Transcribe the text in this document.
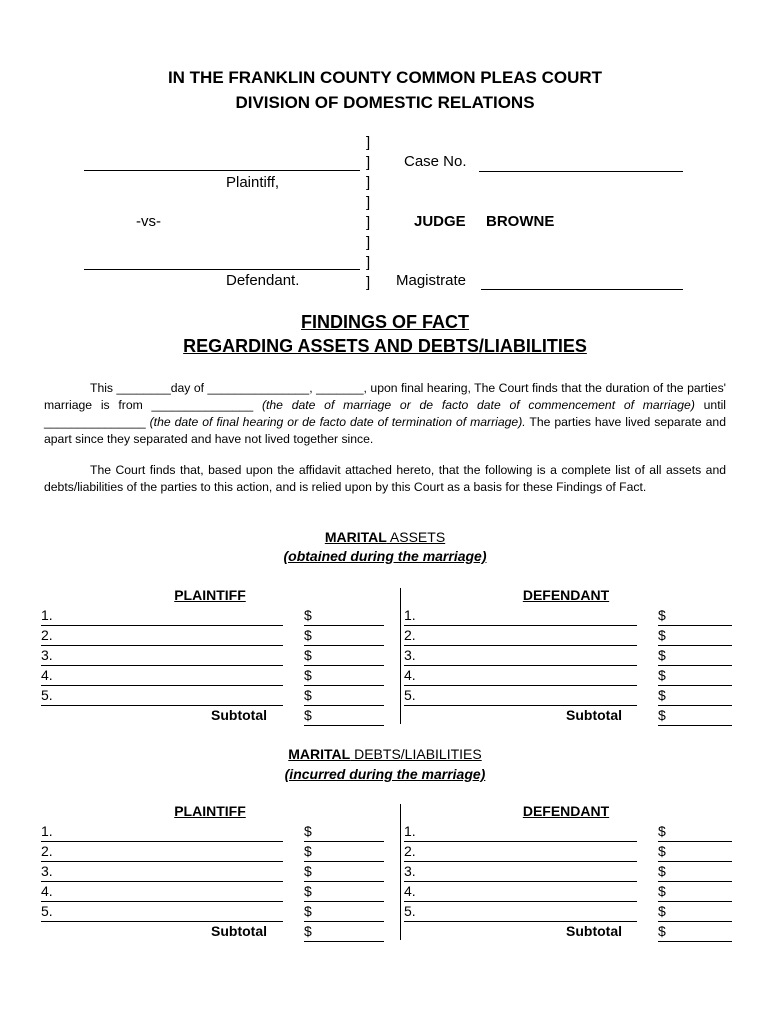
IN THE FRANKLIN COUNTY COMMON PLEAS COURT
DIVISION OF DOMESTIC RELATIONS
]
]
]
]
]
]
]
]
Plaintiff,
-vs-
Defendant.
Case No.
JUDGE BROWNE
Magistrate
FINDINGS OF FACT
REGARDING ASSETS AND DEBTS/LIABILITIES
This ________day of _______________, _______, upon final hearing, The Court finds that the duration of the parties' marriage is from _______________ (the date of marriage or de facto date of commencement of marriage) until _______________ (the date of final hearing or de facto date of termination of marriage). The parties have lived separate and apart since they separated and have not lived together since.
The Court finds that, based upon the affidavit attached hereto, that the following is a complete list of all assets and debts/liabilities of the parties to this action, and is relied upon by this Court as a basis for these Findings of Fact.
MARITAL ASSETS
(obtained during the marriage)
PLAINTIFF	DEFENDANT
1.
2.
3.
4.
5.
$
$
$
$
$
$
Subtotal
1.
2.
3.
4.
5.
$
$
$
$
$
$
Subtotal
MARITAL DEBTS/LIABILITIES
(incurred during the marriage)
PLAINTIFF	DEFENDANT
1.
2.
3.
4.
5.
$
$
$
$
$
$
Subtotal
1.
2.
3.
4.
5.
$
$
$
$
$
$
Subtotal
